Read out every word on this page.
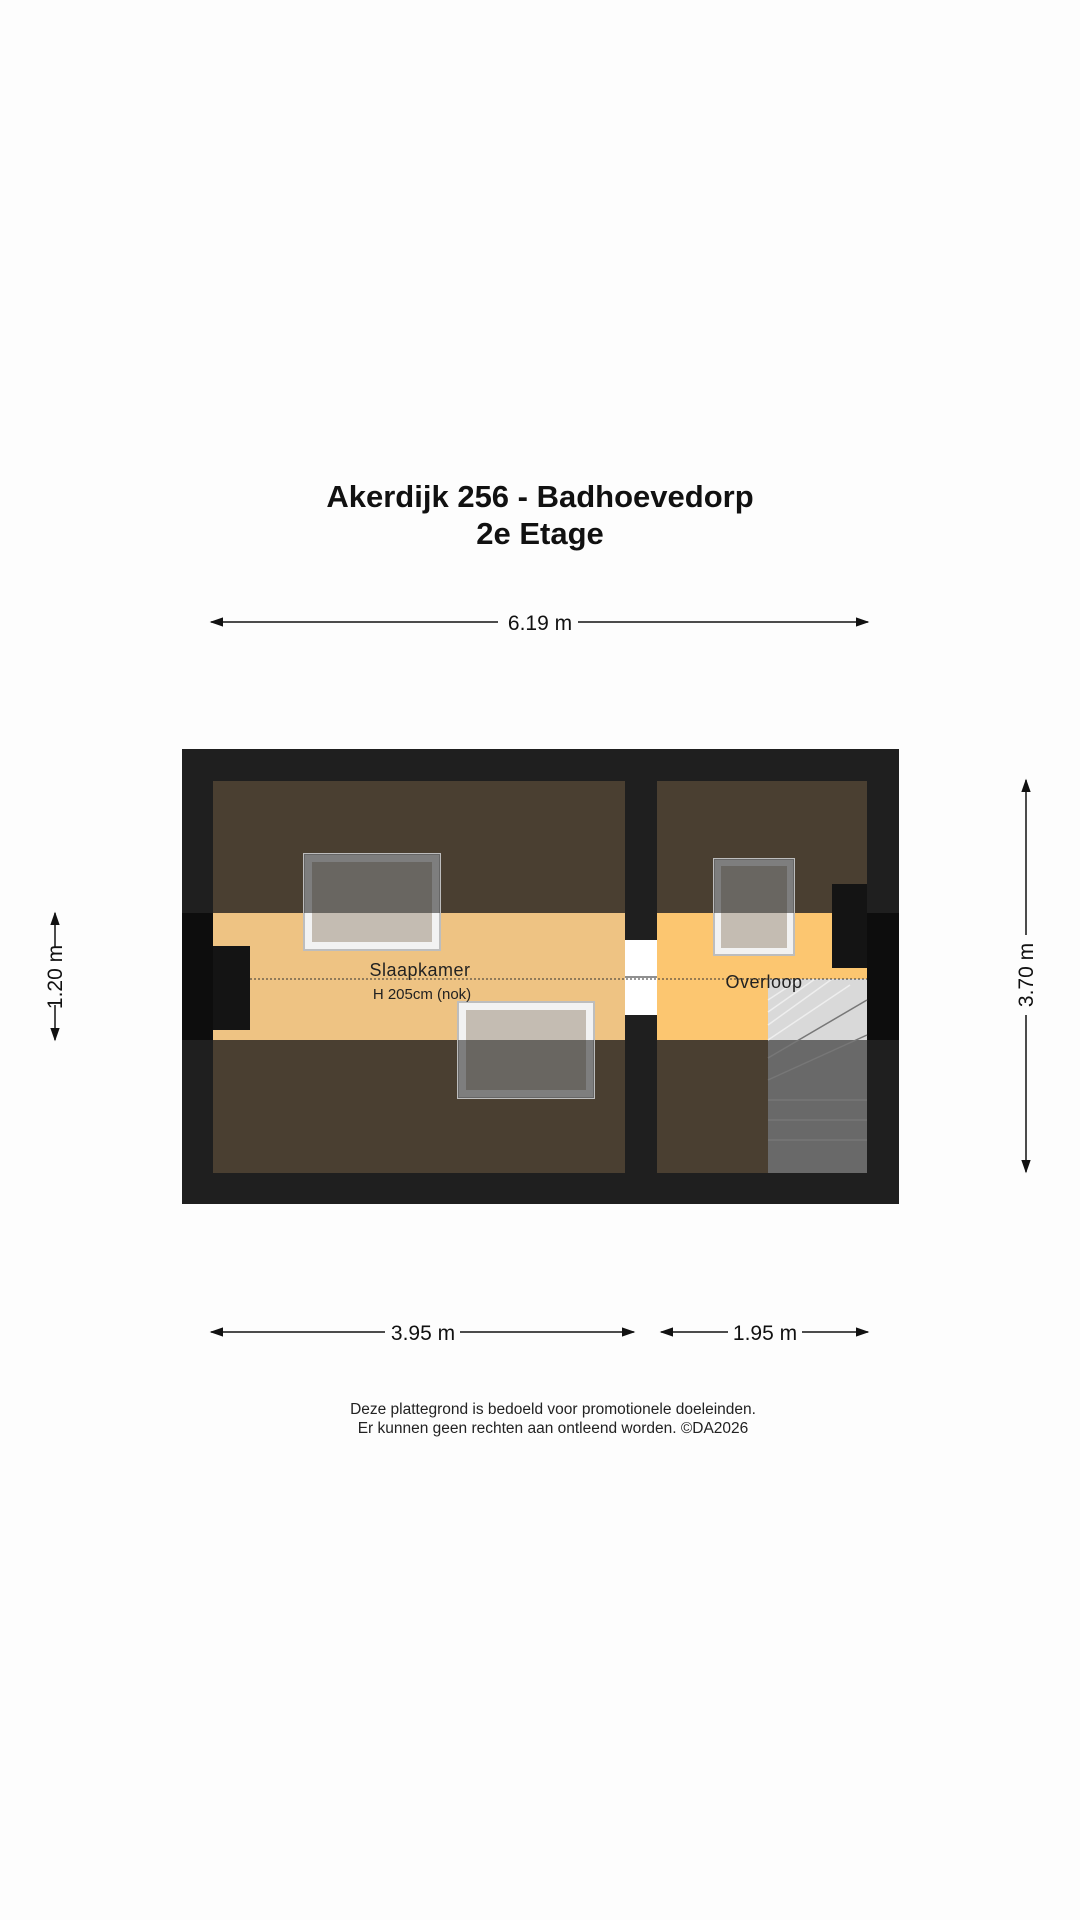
Akerdijk 256 - Badhoevedorp
2e Etage
6.19 m
3.70 m
1.20 m	Slaapkamer
H 205cm (nok)
Overloop
3.95 m	1.95 m
Deze plattegrond is bedoeld voor promotionele doeleinden.
Er kunnen geen rechten aan ontleend worden. ©DA2026
